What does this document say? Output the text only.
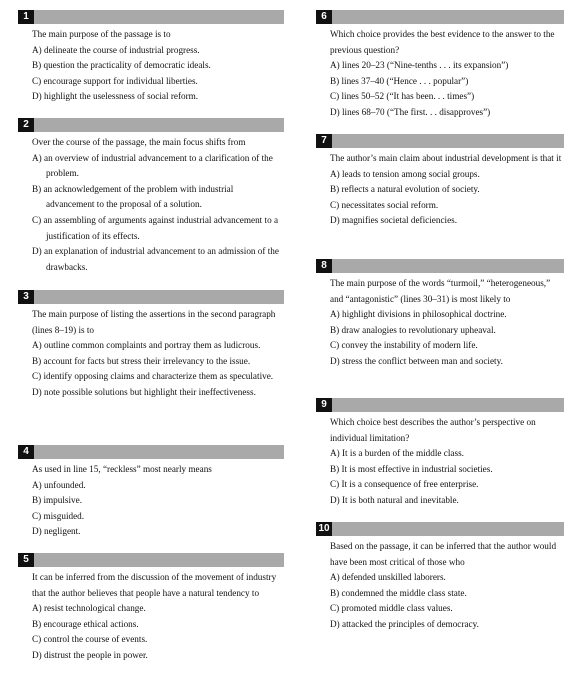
1
The main purpose of the passage is to
A) delineate the course of industrial progress.
B) question the practicality of democratic ideals.
C) encourage support for individual liberties.
D) highlight the uselessness of social reform.
2
Over the course of the passage, the main focus shifts from
A) an overview of industrial advancement to a clarification of the problem.
B) an acknowledgement of the problem with industrial advancement to the proposal of a solution.
C) an assembling of arguments against industrial advancement to a justification of its effects.
D) an explanation of industrial advancement to an admission of the drawbacks.
3
The main purpose of listing the assertions in the second paragraph (lines 8–19) is to
A) outline common complaints and portray them as ludicrous.
B) account for facts but stress their irrelevancy to the issue.
C) identify opposing claims and characterize them as speculative.
D) note possible solutions but highlight their ineffectiveness.
4
As used in line 15, “reckless” most nearly means
A) unfounded.
B) impulsive.
C) misguided.
D) negligent.
5
It can be inferred from the discussion of the movement of industry that the author believes that people have a natural tendency to
A) resist technological change.
B) encourage ethical actions.
C) control the course of events.
D) distrust the people in power.
6
Which choice provides the best evidence to the answer to the previous question?
A) lines 20–23 (“Nine-tenths . . . its expansion”)
B) lines 37–40 (“Hence . . . popular”)
C) lines 50–52 (“It has been. . . times”)
D) lines 68–70 (“The first. . . disapproves”)
7
The author’s main claim about industrial development is that it
A) leads to tension among social groups.
B) reflects a natural evolution of society.
C) necessitates social reform.
D) magnifies societal deficiencies.
8
The main purpose of the words “turmoil,” “heterogeneous,” and “antagonistic” (lines 30–31) is most likely to
A) highlight divisions in philosophical doctrine.
B) draw analogies to revolutionary upheaval.
C) convey the instability of modern life.
D) stress the conflict between man and society.
9
Which choice best describes the author’s perspective on individual limitation?
A) It is a burden of the middle class.
B) It is most effective in industrial societies.
C) It is a consequence of free enterprise.
D) It is both natural and inevitable.
10
Based on the passage, it can be inferred that the author would have been most critical of those who
A) defended unskilled laborers.
B) condemned the middle class state.
C) promoted middle class values.
D) attacked the principles of democracy.
